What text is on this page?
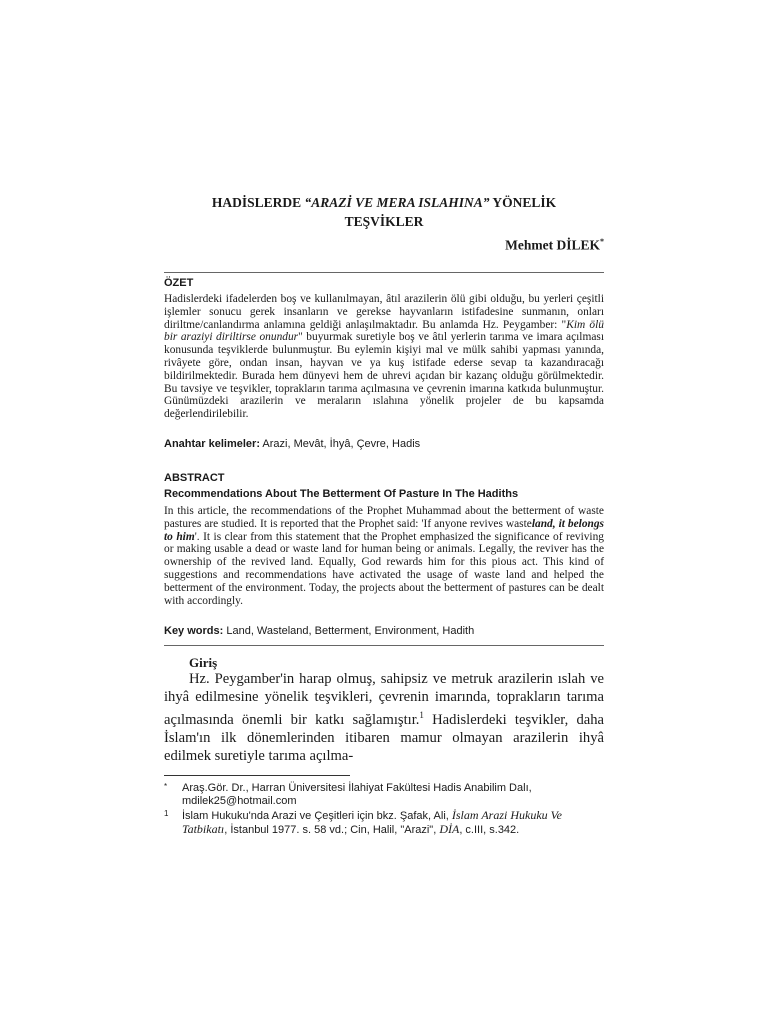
HADİSLERDE “ARAZİ VE MERA ISLAHINA” YÖNELİK
TEŞVİKLER
Mehmet DİLEK*
ÖZET
Hadislerdeki ifadelerden boş ve kullanılmayan, âtıl arazilerin ölü gibi olduğu, bu yerleri çeşitli işlemler sonucu gerek insanların ve gerekse hayvanların istifadesine sunmanın, onları diriltme/canlandırma anlamına geldiği anlaşılmaktadır. Bu anlamda Hz. Peygamber: "Kim ölü bir araziyi diriltirse onundur" buyurmak suretiyle boş ve âtıl yerlerin tarıma ve imara açılması konusunda teşviklerde bulunmuştur. Bu eylemin kişiyi mal ve mülk sahibi yapması yanında, rivâyete göre, ondan insan, hayvan ve ya kuş istifade ederse sevap ta kazandıracağı bildirilmektedir. Burada hem dünyevi hem de uhrevi açıdan bir kazanç olduğu görülmektedir. Bu tavsiye ve teşvikler, toprakların tarıma açılmasına ve çevrenin imarına katkıda bulunmuştur. Günümüzdeki arazilerin ve meraların ıslahına yönelik projeler de bu kapsamda değerlendirilebilir.
Anahtar kelimeler: Arazi, Mevât, İhyâ, Çevre, Hadis
ABSTRACT
Recommendations About The Betterment Of Pasture In The Hadiths
In this article, the recommendations of the Prophet Muhammad about the betterment of waste pastures are studied. It is reported that the Prophet said: 'If anyone revives wasteland, it belongs to him'. It is clear from this statement that the Prophet emphasized the significance of reviving or making usable a dead or waste land for human being or animals. Legally, the reviver has the ownership of the revived land. Equally, God rewards him for this pious act. This kind of suggestions and recommendations have activated the usage of waste land and helped the betterment of the environment. Today, the projects about the betterment of pastures can be dealt with accordingly.
Key words: Land, Wasteland, Betterment, Environment, Hadith
Giriş
Hz. Peygamber'in harap olmuş, sahipsiz ve metruk arazilerin ıslah ve ihyâ edilmesine yönelik teşvikleri, çevrenin imarında, toprakların tarıma açılmasında önemli bir katkı sağlamıştır.$^1$ Hadislerdeki teşvikler, daha İslam'ın ilk dönemlerinden itibaren mamur olmayan arazilerin ihyâ edilmek suretiyle tarıma açılma-
* Araş.Gör. Dr., Harran Üniversitesi İlahiyat Fakültesi Hadis Anabilim Dalı, mdilek25@hotmail.com
1 İslam Hukuku'nda Arazi ve Çeşitleri için bkz. Şafak, Ali, İslam Arazi Hukuku Ve Tatbikatı, İstanbul 1977. s. 58 vd.; Cin, Halil, "Arazi", DİA, c.III, s.342.
